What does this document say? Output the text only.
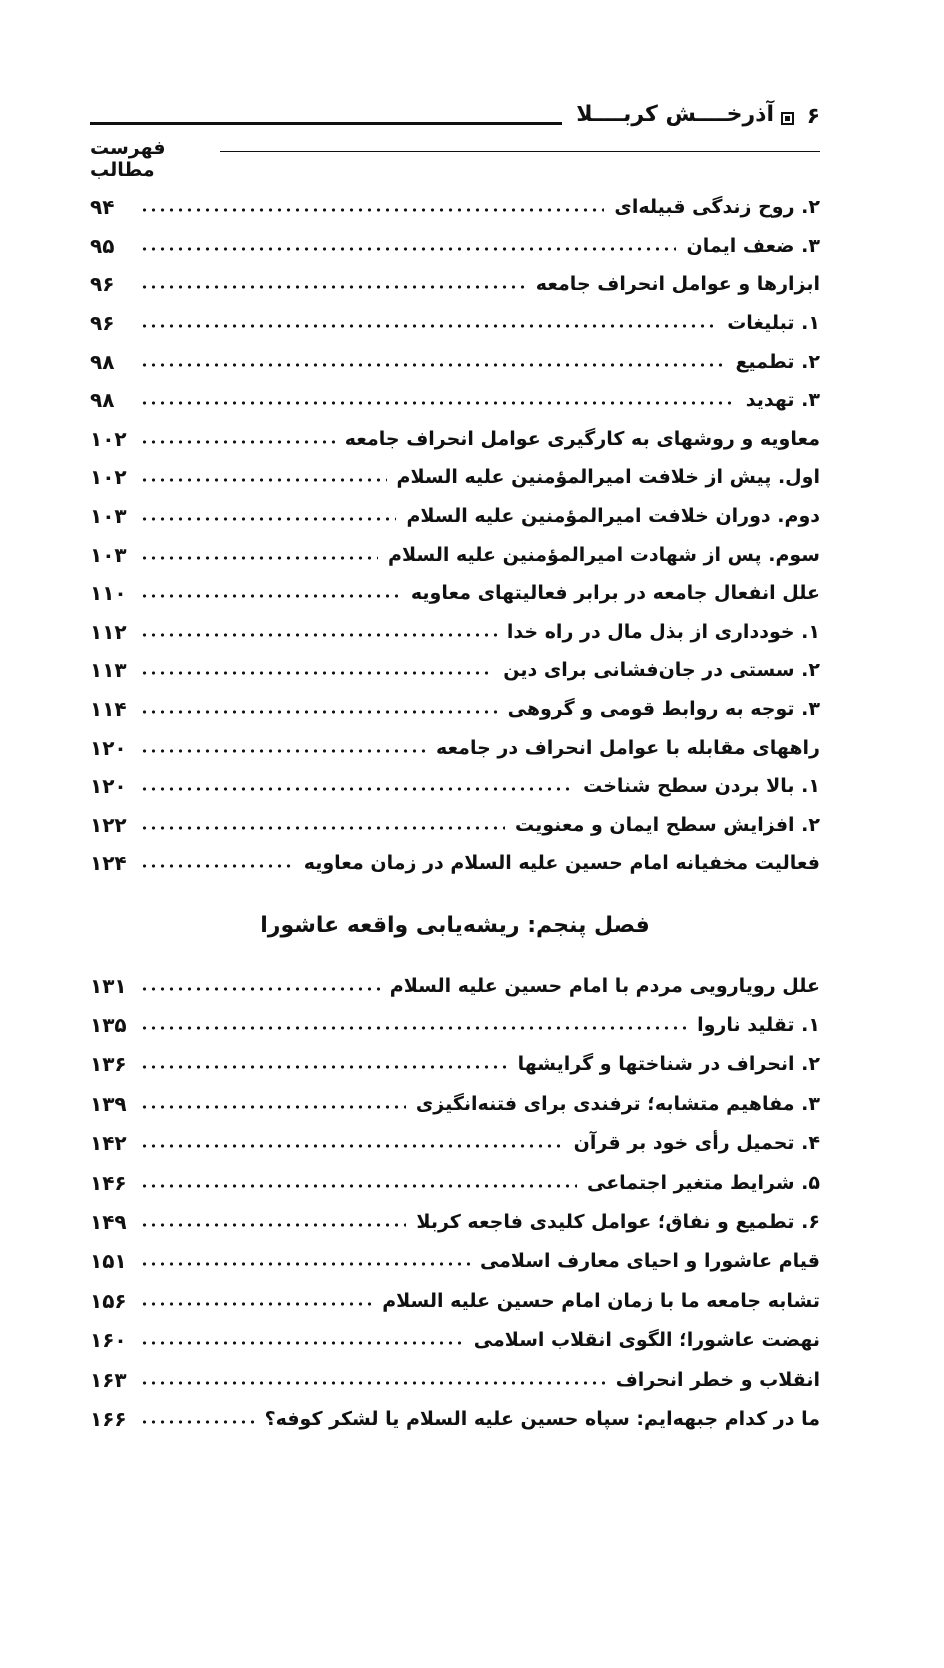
۶
آذرخــــش کربــــلا
فهرست مطالب
۲. روح زندگی قبیله‌ای
۹۴
۳. ضعف ایمان
۹۵
ابزارها و عوامل انحراف جامعه
۹۶
۱. تبلیغات
۹۶
۲. تطمیع
۹۸
۳. تهدید
۹۸
معاویه و روشهای به کارگیری عوامل انحراف جامعه
۱۰۲
اول. پیش از خلافت امیرالمؤمنین علیه السلام
۱۰۲
دوم. دوران خلافت امیرالمؤمنین علیه السلام
۱۰۳
سوم. پس از شهادت امیرالمؤمنین علیه السلام
۱۰۳
علل انفعال جامعه در برابر فعالیتهای معاویه
۱۱۰
۱. خودداری از بذل مال در راه خدا
۱۱۲
۲. سستی در جان‌فشانی برای دین
۱۱۳
۳. توجه به روابط قومی و گروهی
۱۱۴
راههای مقابله با عوامل انحراف در جامعه
۱۲۰
۱. بالا بردن سطح شناخت
۱۲۰
۲. افزایش سطح ایمان و معنویت
۱۲۲
فعالیت مخفیانه امام حسین علیه السلام در زمان معاویه
۱۲۴
فصل پنجم: ریشه‌یابی واقعه عاشورا
علل رویارویی مردم با امام حسین علیه السلام
۱۳۱
۱. تقلید ناروا
۱۳۵
۲. انحراف در شناختها و گرایشها
۱۳۶
۳. مفاهیم متشابه؛ ترفندی برای فتنه‌انگیزی
۱۳۹
۴. تحمیل رأی خود بر قرآن
۱۴۲
۵. شرایط متغیر اجتماعی
۱۴۶
۶. تطمیع و نفاق؛ عوامل کلیدی فاجعه کربلا
۱۴۹
قیام عاشورا و احیای معارف اسلامی
۱۵۱
تشابه جامعه ما با زمان امام حسین علیه السلام
۱۵۶
نهضت عاشورا؛ الگوی انقلاب اسلامی
۱۶۰
انقلاب و خطر انحراف
۱۶۳
ما در کدام جبهه‌ایم: سپاه حسین علیه السلام یا لشکر کوفه؟
۱۶۶
